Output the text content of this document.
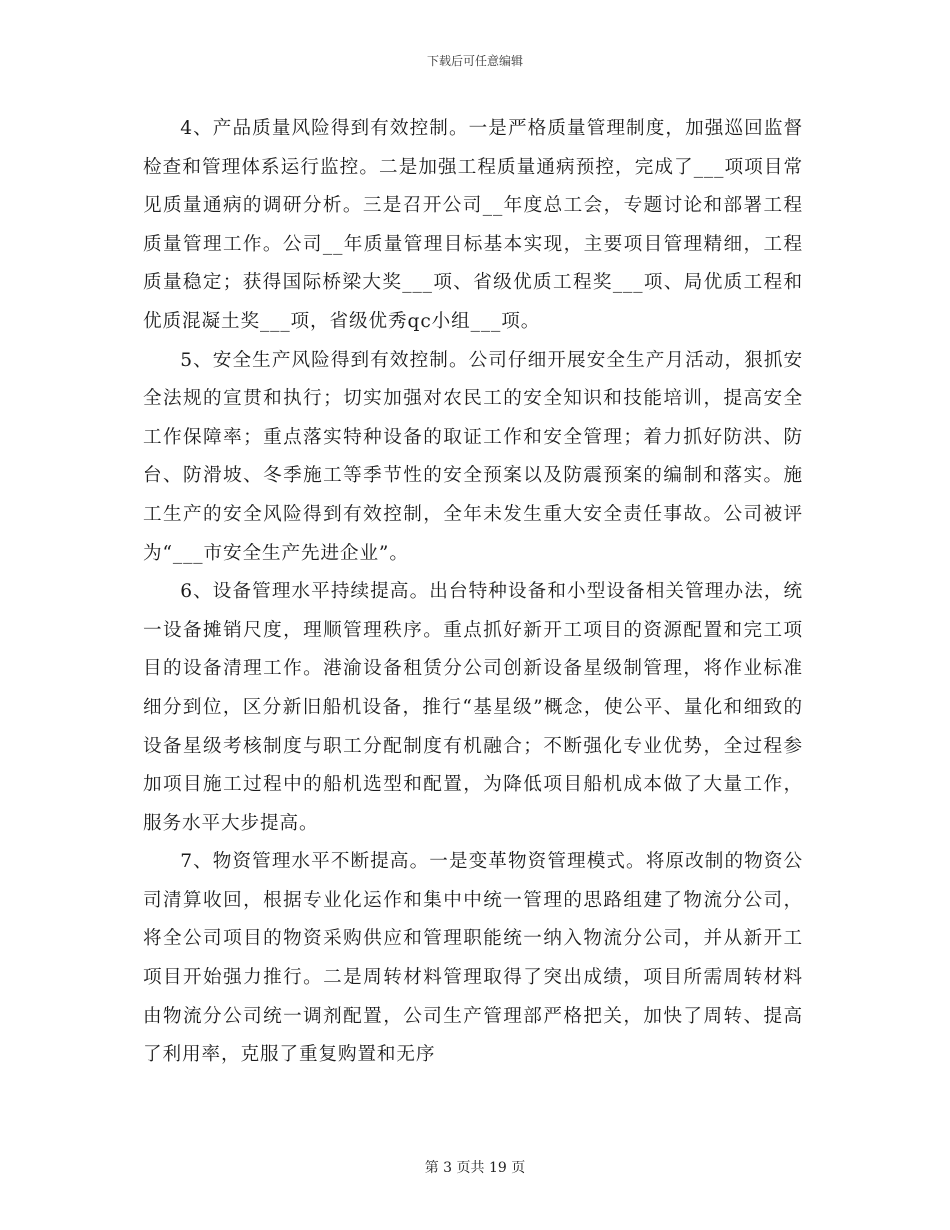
下载后可任意编辑

4、产品质量风险得到有效控制。一是严格质量管理制度，加强巡回监督检查和管理体系运行监控。二是加强工程质量通病预控，完成了___项项目常见质量通病的调研分析。三是召开公司__年度总工会，专题讨论和部署工程质量管理工作。公司__年质量管理目标基本实现，主要项目管理精细，工程质量稳定；获得国际桥梁大奖___项、省级优质工程奖___项、局优质工程和优质混凝土奖___项，省级优秀qc小组___项。

5、安全生产风险得到有效控制。公司仔细开展安全生产月活动，狠抓安全法规的宣贯和执行；切实加强对农民工的安全知识和技能培训，提高安全工作保障率；重点落实特种设备的取证工作和安全管理；着力抓好防洪、防台、防滑坡、冬季施工等季节性的安全预案以及防震预案的编制和落实。施工生产的安全风险得到有效控制，全年未发生重大安全责任事故。公司被评为“___市安全生产先进企业”。

6、设备管理水平持续提高。出台特种设备和小型设备相关管理办法，统一设备摊销尺度，理顺管理秩序。重点抓好新开工项目的资源配置和完工项目的设备清理工作。港渝设备租赁分公司创新设备星级制管理，将作业标准细分到位，区分新旧船机设备，推行“基星级”概念，使公平、量化和细致的设备星级考核制度与职工分配制度有机融合；不断强化专业优势，全过程参加项目施工过程中的船机选型和配置，为降低项目船机成本做了大量工作，服务水平大步提高。

7、物资管理水平不断提高。一是变革物资管理模式。将原改制的物资公司清算收回，根据专业化运作和集中中统一管理的思路组建了物流分公司，将全公司项目的物资采购供应和管理职能统一纳入物流分公司，并从新开工项目开始强力推行。二是周转材料管理取得了突出成绩，项目所需周转材料由物流分公司统一调剂配置，公司生产管理部严格把关，加快了周转、提高了利用率，克服了重复购置和无序

第 3 页共 19 页
